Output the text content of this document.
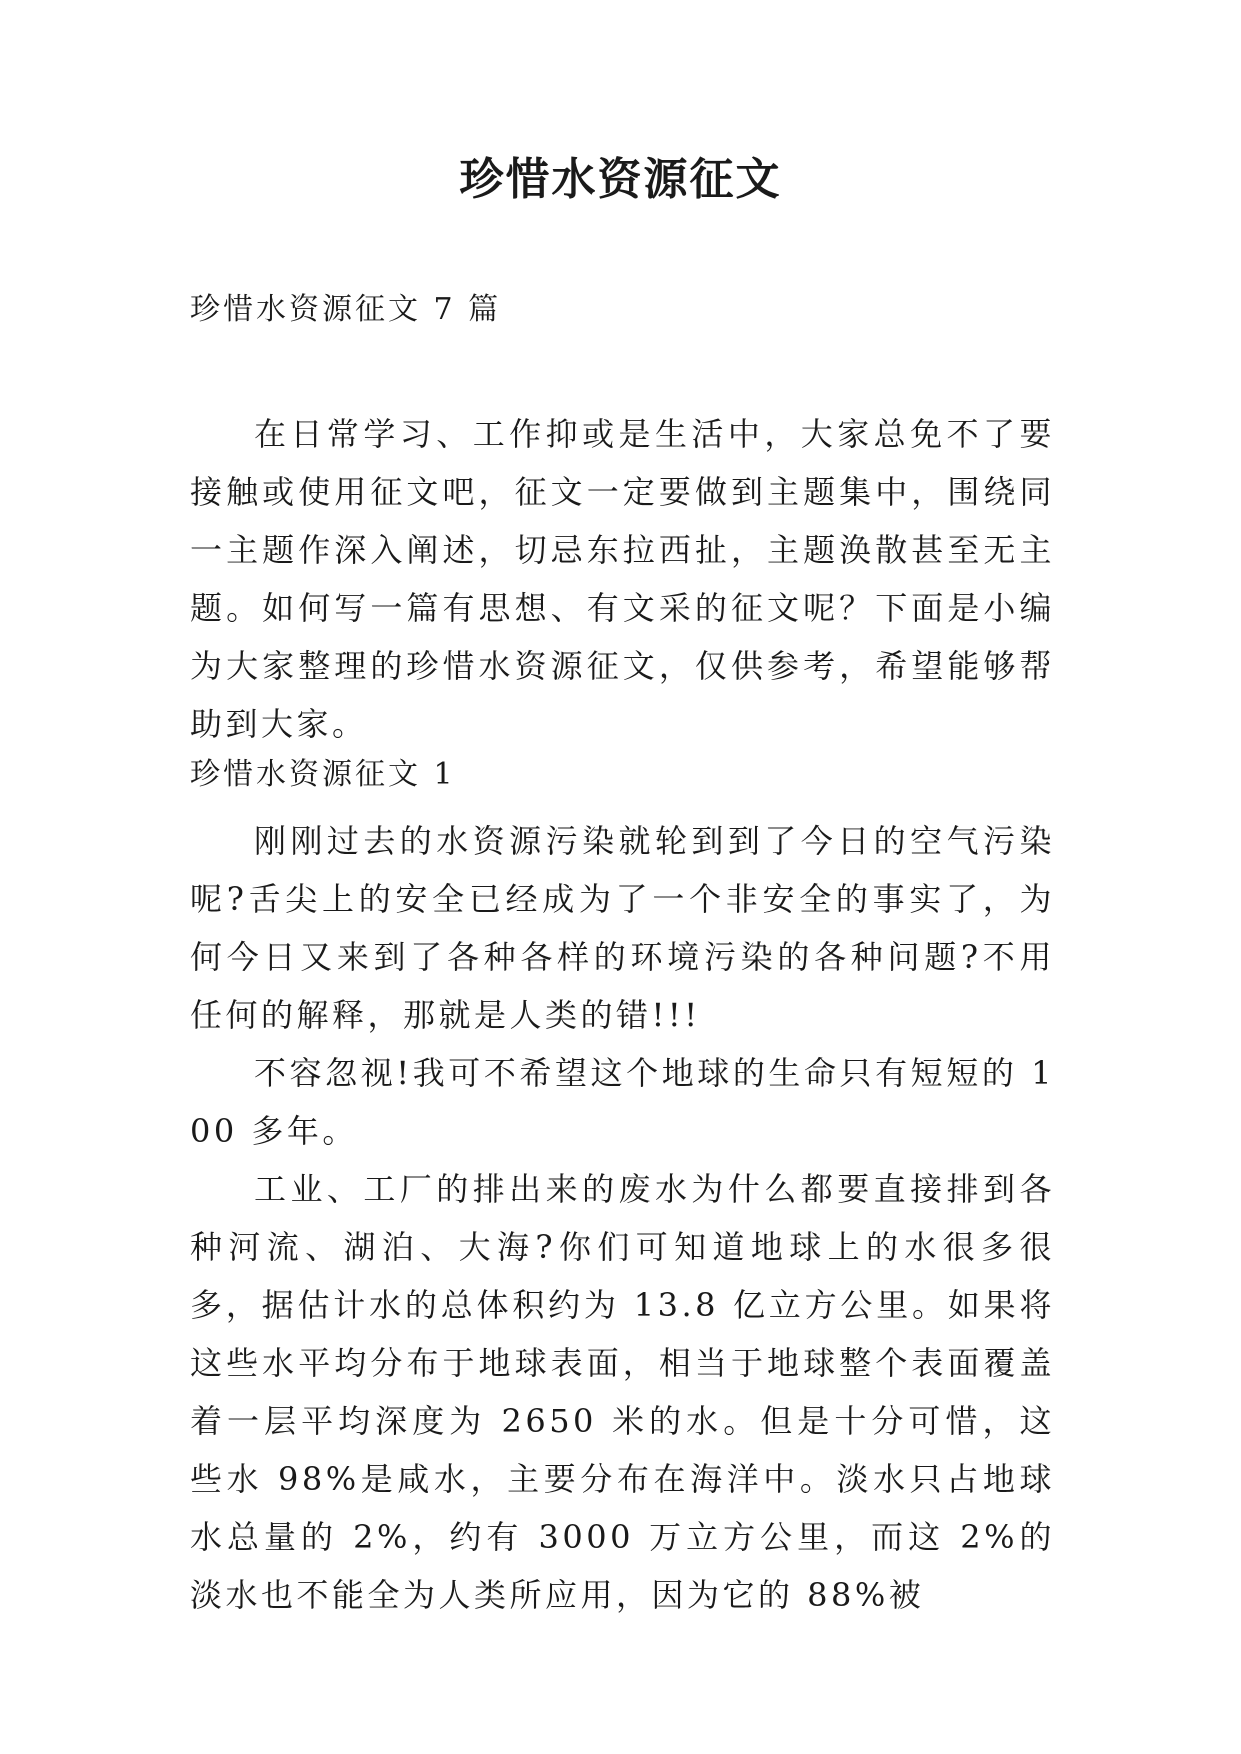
珍惜水资源征文
珍惜水资源征文 7 篇

在日常学习、工作抑或是生活中，大家总免不了要接触或使用征文吧，征文一定要做到主题集中，围绕同一主题作深入阐述，切忌东拉西扯，主题涣散甚至无主题。如何写一篇有思想、有文采的征文呢？下面是小编为大家整理的珍惜水资源征文，仅供参考，希望能够帮助到大家。

珍惜水资源征文 1

刚刚过去的水资源污染就轮到到了今日的空气污染呢?舌尖上的安全已经成为了一个非安全的事实了，为何今日又来到了各种各样的环境污染的各种问题?不用任何的解释，那就是人类的错!!!

不容忽视!我可不希望这个地球的生命只有短短的 100 多年。

工业、工厂的排出来的废水为什么都要直接排到各种河流、湖泊、大海?你们可知道地球上的水很多很多，据估计水的总体积约为 13.8 亿立方公里。如果将这些水平均分布于地球表面，相当于地球整个表面覆盖着一层平均深度为 2650 米的水。但是十分可惜，这些水 98%是咸水，主要分布在海洋中。淡水只占地球水总量的 2%，约有 3000 万立方公里，而这 2%的淡水也不能全为人类所应用，因为它的 88%被
